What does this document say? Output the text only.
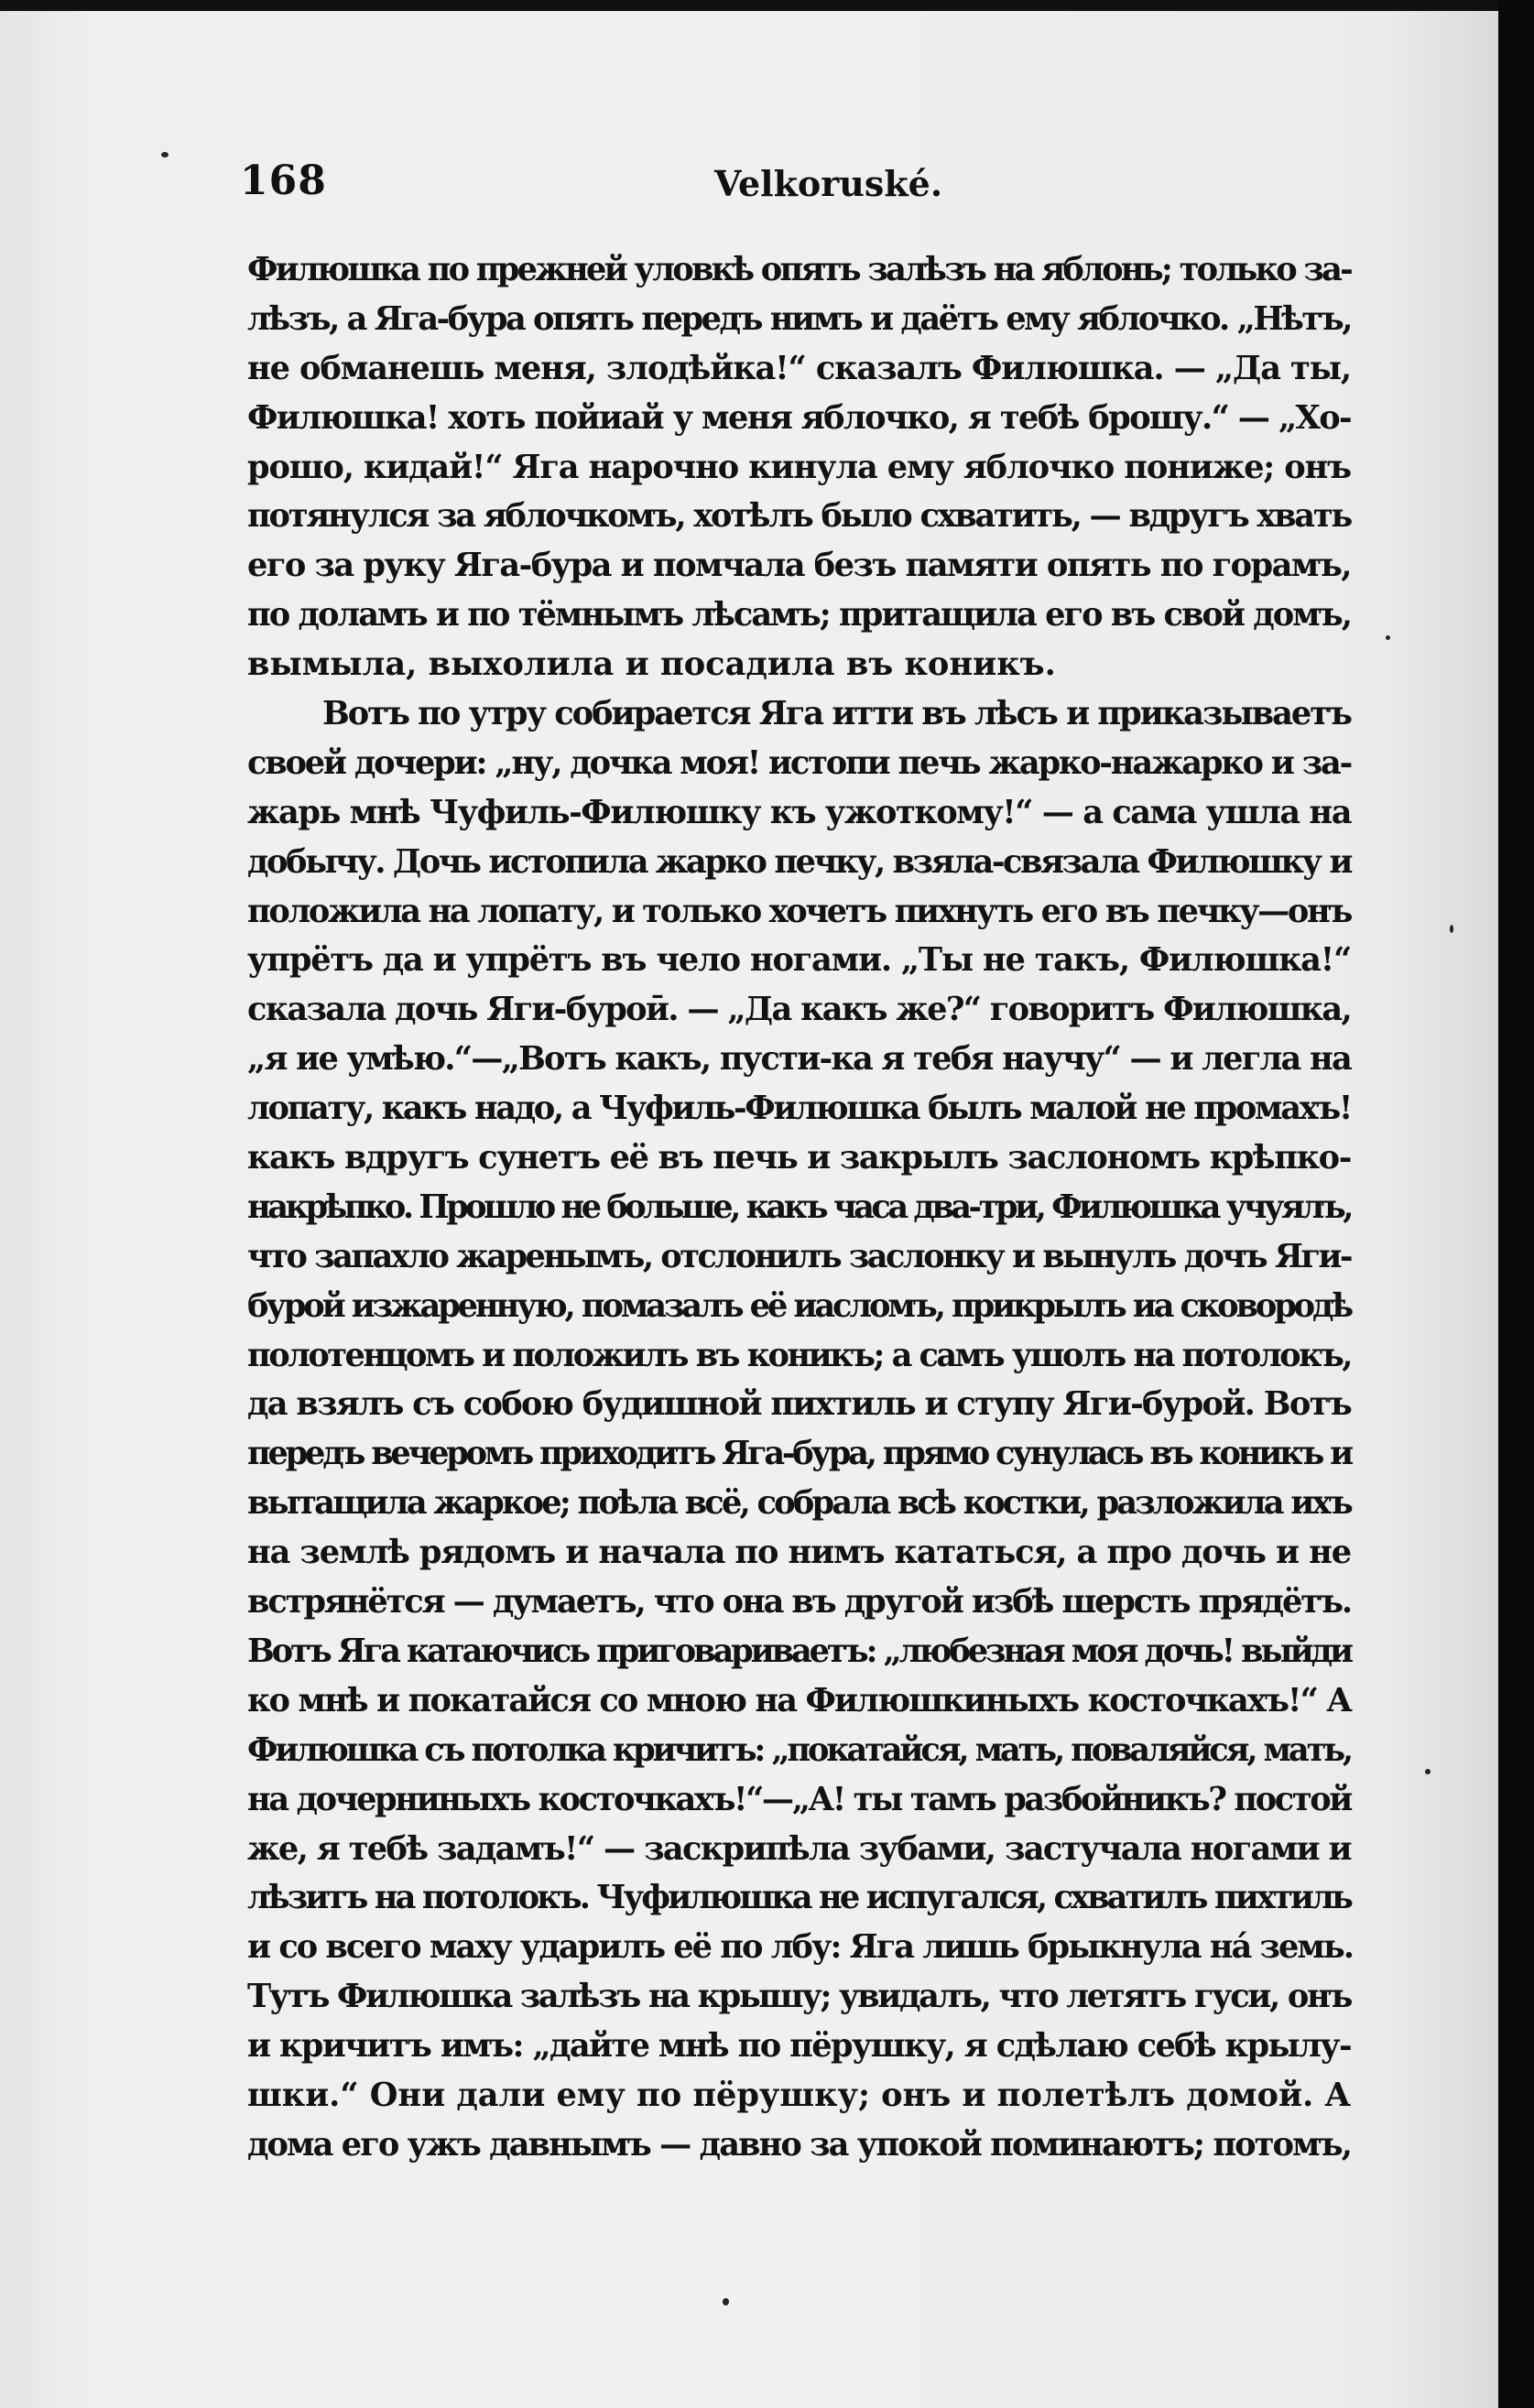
168	Velkoruské.
Филюшка по прежней уловкѣ опять залѣзъ на яблонь; только за-
лѣзъ, а Яга-бура опять передъ нимъ и даётъ ему яблочко. „Нѣтъ,
не обманешь меня, злодѣйка!“ сказалъ Филюшка. — „Да ты,
Филюшка! хоть пойиай у меня яблочко, я тебѣ брошу.“ — „Хо-
рошо, кидай!“ Яга нарочно кинула ему яблочко пониже; онъ
потянулся за яблочкомъ, хотѣлъ было схватить, — вдругъ хвать
его за руку Яга-бура и помчала безъ памяти опять по горамъ,
по доламъ и по тёмнымъ лѣсамъ; притащила его въ свой домъ,
вымыла, выхолила и посадила въ коникъ.
Вотъ по утру собирается Яга итти въ лѣсъ и приказываетъ
своей дочери: „ну, дочка моя! истопи печь жарко-нажарко и за-
жарь мнѣ Чуфиль-Филюшку къ ужоткому!“ — а сама ушла на
добычу. Дочь истопила жарко печку, взяла-связала Филюшку и
положила на лопату, и только хочетъ пихнуть его въ печку—онъ
упрётъ да и упрётъ въ чело ногами. „Ты не такъ, Филюшка!“
сказала дочь Яги-буроӣ. — „Да какъ же?“ говоритъ Филюшка,
„я ие умѣю.“—„Вотъ какъ, пусти-ка я тебя научу“ — и легла на
лопату, какъ надо, а Чуфиль-Филюшка былъ малой не промахъ!
какъ вдругъ сунетъ её въ печь и закрылъ заслономъ крѣпко-
накрѣпко. Прошло не больше, какъ часа два-три, Филюшка учуялъ,
что запахло жаренымъ, отслонилъ заслонку и вынулъ дочъ Яги-
бурой изжаренную, помазалъ её иасломъ, прикрылъ иа сковородѣ
полотенцомъ и положилъ въ коникъ; а самъ ушолъ на потолокъ,
да взялъ съ собою будишной пихтиль и ступу Яги-бурой. Вотъ
передъ вечеромъ приходитъ Яга-бура, прямо сунулась въ коникъ и
вытащила жаркое; поѣла всё, собрала всѣ костки, разложила ихъ
на землѣ рядомъ и начала по нимъ кататься, а про дочь и не
встрянётся — думаетъ, что она въ другой избѣ шерсть прядётъ.
Вотъ Яга катаючись приговариваетъ: „любезная моя дочь! выйди
ко мнѣ и покатайся со мною на Филюшкиныхъ косточкахъ!“ А
Филюшка съ потолка кричитъ: „покатайся, мать, поваляйся, мать,
на дочерниныхъ косточкахъ!“—„А! ты тамъ разбойникъ? постой
же, я тебѣ задамъ!“ — заскрипѣла зубами, застучала ногами и
лѣзитъ на потолокъ. Чуфилюшка не испугался, схватилъ пихтиль
и со всего маху ударилъ её по лбу: Яга лишь брыкнула на́ земь.
Тутъ Филюшка залѣзъ на крышу; увидалъ, что летятъ гуси, онъ
и кричитъ имъ: „дайте мнѣ по пёрушку, я сдѣлаю себѣ крылу-
шки.“ Они дали ему по пёрушку; онъ и полетѣлъ домой. А
дома его ужъ давнымъ — давно за упокой поминаютъ; потомъ,
